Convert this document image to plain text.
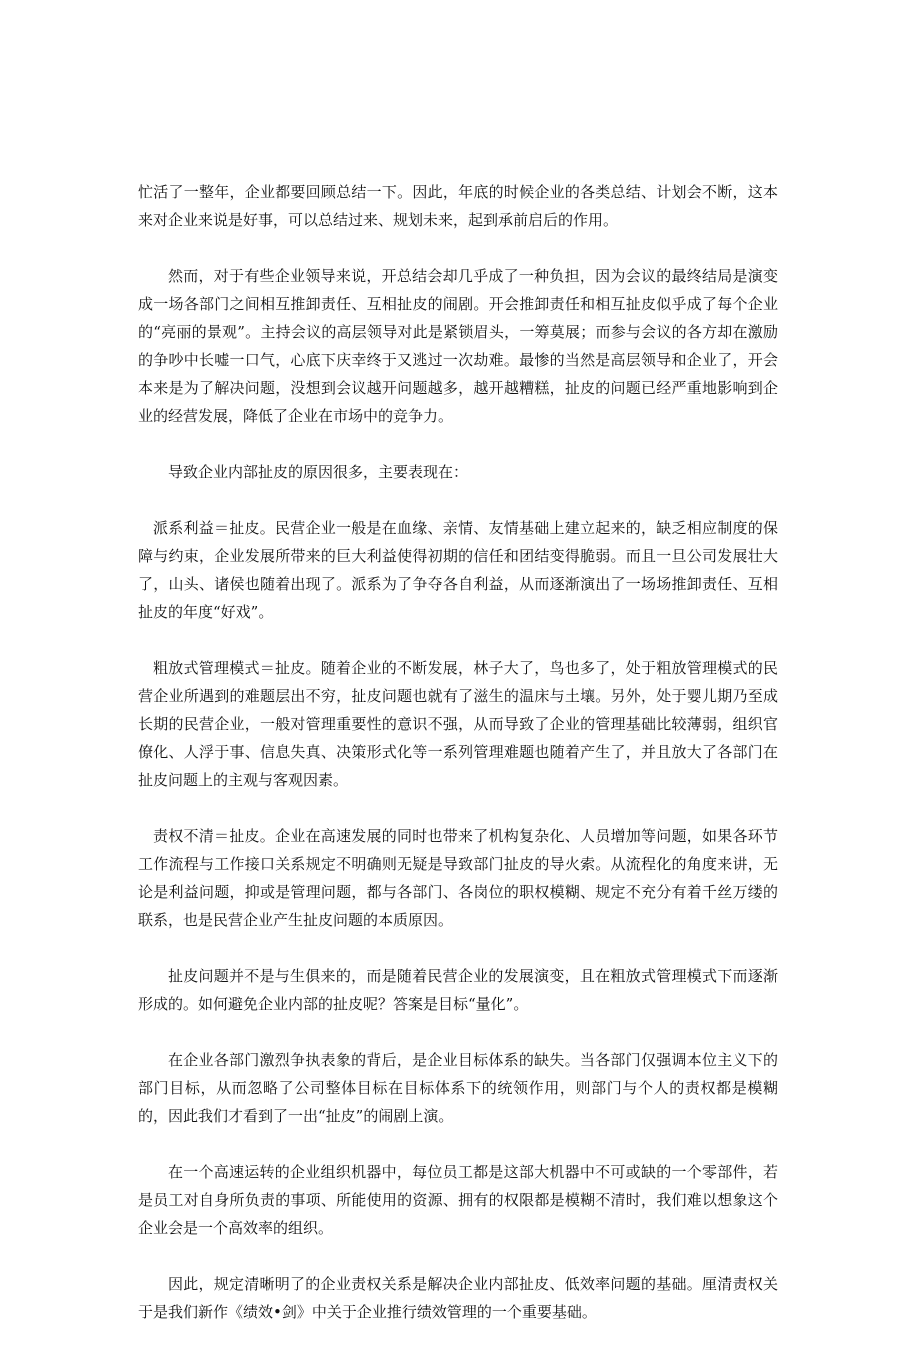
忙活了一整年，企业都要回顾总结一下。因此，年底的时候企业的各类总结、计划会不断，这本来对企业来说是好事，可以总结过来、规划未来，起到承前启后的作用。

然而，对于有些企业领导来说，开总结会却几乎成了一种负担，因为会议的最终结局是演变成一场各部门之间相互推卸责任、互相扯皮的闹剧。开会推卸责任和相互扯皮似乎成了每个企业的“亮丽的景观”。主持会议的高层领导对此是紧锁眉头，一筹莫展；而参与会议的各方却在激励的争吵中长嘘一口气，心底下庆幸终于又逃过一次劫难。最惨的当然是高层领导和企业了，开会本来是为了解决问题，没想到会议越开问题越多，越开越糟糕，扯皮的问题已经严重地影响到企业的经营发展，降低了企业在市场中的竞争力。

导致企业内部扯皮的原因很多，主要表现在：

派系利益＝扯皮。民营企业一般是在血缘、亲情、友情基础上建立起来的，缺乏相应制度的保障与约束，企业发展所带来的巨大利益使得初期的信任和团结变得脆弱。而且一旦公司发展壮大了，山头、诸侯也随着出现了。派系为了争夺各自利益，从而逐渐演出了一场场推卸责任、互相扯皮的年度“好戏”。

粗放式管理模式＝扯皮。随着企业的不断发展，林子大了，鸟也多了，处于粗放管理模式的民营企业所遇到的难题层出不穷，扯皮问题也就有了滋生的温床与土壤。另外，处于婴儿期乃至成长期的民营企业，一般对管理重要性的意识不强，从而导致了企业的管理基础比较薄弱，组织官僚化、人浮于事、信息失真、决策形式化等一系列管理难题也随着产生了，并且放大了各部门在扯皮问题上的主观与客观因素。

责权不清＝扯皮。企业在高速发展的同时也带来了机构复杂化、人员增加等问题，如果各环节工作流程与工作接口关系规定不明确则无疑是导致部门扯皮的导火索。从流程化的角度来讲，无论是利益问题，抑或是管理问题，都与各部门、各岗位的职权模糊、规定不充分有着千丝万缕的联系，也是民营企业产生扯皮问题的本质原因。

扯皮问题并不是与生俱来的，而是随着民营企业的发展演变，且在粗放式管理模式下而逐渐形成的。如何避免企业内部的扯皮呢？答案是目标“量化”。

在企业各部门激烈争执表象的背后，是企业目标体系的缺失。当各部门仅强调本位主义下的部门目标，从而忽略了公司整体目标在目标体系下的统领作用，则部门与个人的责权都是模糊的，因此我们才看到了一出“扯皮”的闹剧上演。

在一个高速运转的企业组织机器中，每位员工都是这部大机器中不可或缺的一个零部件，若是员工对自身所负责的事项、所能使用的资源、拥有的权限都是模糊不清时，我们难以想象这个企业会是一个高效率的组织。

因此，规定清晰明了的企业责权关系是解决企业内部扯皮、低效率问题的基础。厘清责权关于是我们新作《绩效•剑》中关于企业推行绩效管理的一个重要基础。
